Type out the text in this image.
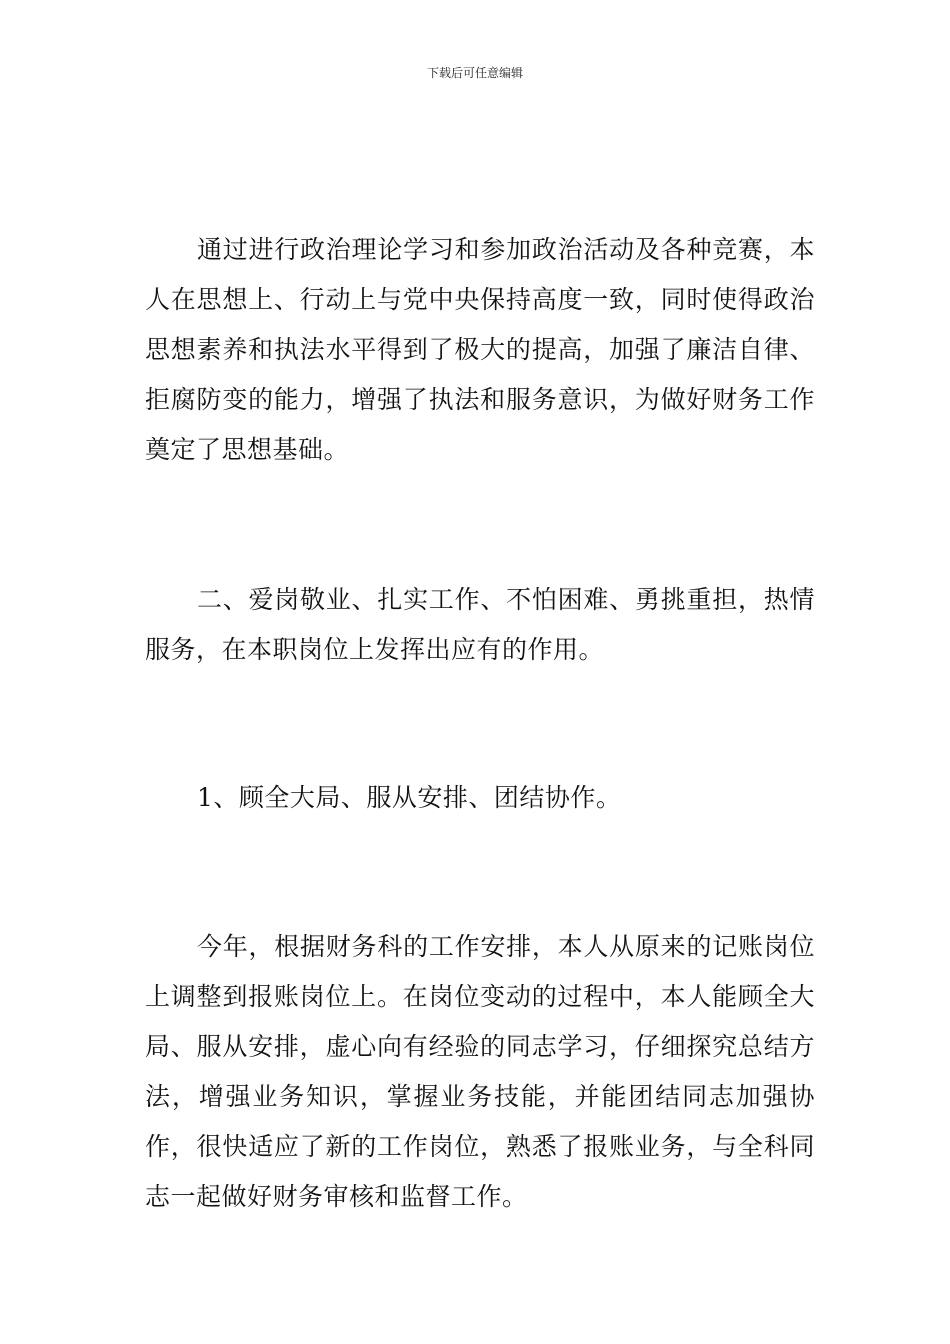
下载后可任意编辑

通过进行政治理论学习和参加政治活动及各种竞赛，本人在思想上、行动上与党中央保持高度一致，同时使得政治思想素养和执法水平得到了极大的提高，加强了廉洁自律、拒腐防变的能力，增强了执法和服务意识，为做好财务工作奠定了思想基础。

二、爱岗敬业、扎实工作、不怕困难、勇挑重担，热情服务，在本职岗位上发挥出应有的作用。

1、顾全大局、服从安排、团结协作。

今年，根据财务科的工作安排，本人从原来的记账岗位上调整到报账岗位上。在岗位变动的过程中，本人能顾全大局、服从安排，虚心向有经验的同志学习，仔细探究总结方法，增强业务知识，掌握业务技能，并能团结同志加强协作，很快适应了新的工作岗位，熟悉了报账业务，与全科同志一起做好财务审核和监督工作。
